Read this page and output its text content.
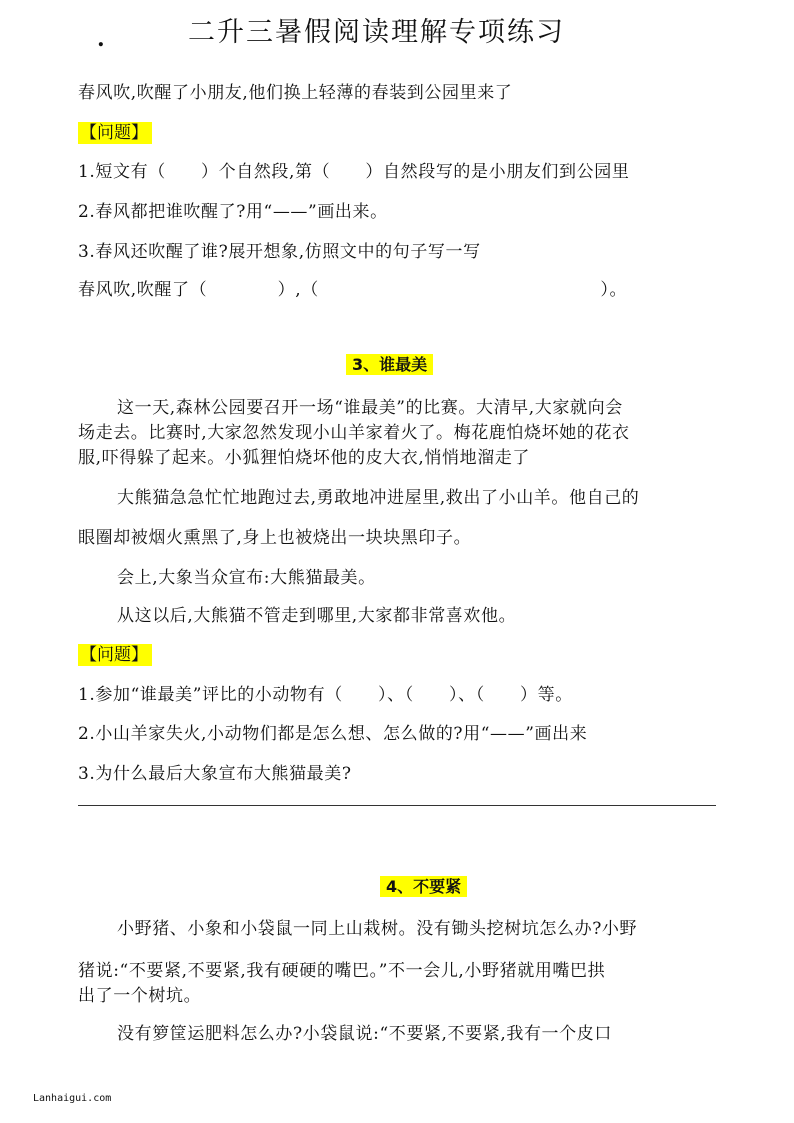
.	二升三暑假阅读理解专项练习
春风吹,吹醒了小朋友,他们换上轻薄的春装到公园里来了
【问题】
1.短文有（　　）个自然段,第（　　）自然段写的是小朋友们到公园里
2.春风都把谁吹醒了?用“——”画出来。
3.春风还吹醒了谁?展开想象,仿照文中的句子写一写
春风吹,吹醒了（　　　　）,（　　　　　　　　　　　　　　　　）。
3、谁最美
这一天,森林公园要召开一场“谁最美”的比赛。大清早,大家就向会
场走去。比赛时,大家忽然发现小山羊家着火了。梅花鹿怕烧坏她的花衣
服,吓得躲了起来。小狐狸怕烧坏他的皮大衣,悄悄地溜走了
大熊猫急急忙忙地跑过去,勇敢地冲进屋里,救出了小山羊。他自己的
眼圈却被烟火熏黑了,身上也被烧出一块块黑印子。
会上,大象当众宣布:大熊猫最美。
从这以后,大熊猫不管走到哪里,大家都非常喜欢他。
【问题】
1.参加“谁最美”评比的小动物有（　　）、（　　）、（　　）等。
2.小山羊家失火,小动物们都是怎么想、怎么做的?用“——”画出来
3.为什么最后大象宣布大熊猫最美?
4、不要紧
小野猪、小象和小袋鼠一同上山栽树。没有锄头挖树坑怎么办?小野
猪说:“不要紧,不要紧,我有硬硬的嘴巴。”不一会儿,小野猪就用嘴巴拱
出了一个树坑。
没有箩筐运肥料怎么办?小袋鼠说:“不要紧,不要紧,我有一个皮口
Lanhaigui.com
